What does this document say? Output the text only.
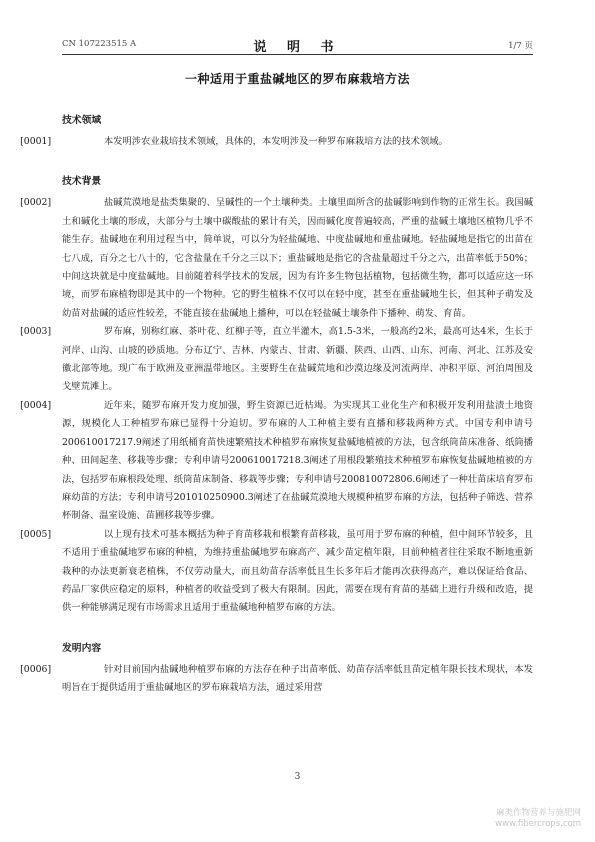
CN 107223515 A	说 明 书	1/7 页
一种适用于重盐碱地区的罗布麻栽培方法
技术领域

[0001]	本发明涉农业栽培技术领域，具体的，本发明涉及一种罗布麻栽培方法的技术领域。

技术背景

[0002]	盐碱荒漠地是盐类集聚的、呈碱性的一个土壤种类。土壤里面所含的盐碱影响到作物的正常生长。我国碱土和碱化土壤的形成，大部分与土壤中碳酸盐的累计有关，因而碱化度普遍较高，严重的盐碱土壤地区植物几乎不能生存。盐碱地在利用过程当中，简单说，可以分为轻盐碱地、中度盐碱地和重盐碱地。轻盐碱地是指它的出苗在七八成，百分之七八十的，它含盐量在千分之三以下；重盐碱地是指它的含盐量超过千分之六，出苗率低于50%；中间这块就是中度盐碱地。目前随着科学技术的发展，因为有许多生物包括植物，包括微生物，都可以适应这一环境，而罗布麻植物即是其中的一个物种。它的野生植株不仅可以在轻中度，甚至在重盐碱地生长，但其种子萌发及幼苗对盐碱的适应性较差，不能直接在盐碱地上播种，可以在轻盐碱土壤条件下播种、萌发、育苗。

[0003]	罗布麻，别称红麻、茶叶花、红柳子等，直立半灌木，高1.5-3米，一般高约2米，最高可达4米，生长于河岸、山沟、山坡的砂质地。分布辽宁、吉林、内蒙古、甘肃、新疆、陕西、山西、山东、河南、河北、江苏及安徽北部等地。现广布于欧洲及亚洲温带地区。主要野生在盐碱荒地和沙漠边缘及河流两岸、冲积平原、河泊周围及戈壁荒滩上。

[0004]	近年来，随罗布麻开发力度加强，野生资源已近枯竭。为实现其工业化生产和积极开发利用盐渍土地资源，规模化人工种植罗布麻已显得十分迫切。罗布麻的人工种植主要有直播和移栽两种方式。中国专利申请号200610017217.9阐述了用纸桶育苗快速繁殖技术种植罗布麻恢复盐碱地植被的方法，包含纸筒苗床准备、纸筒播种、田间起垄、移栽等步骤；专利申请号200610017218.3阐述了用根段繁殖技术种植罗布麻恢复盐碱地植被的方法，包括罗布麻根段处理、纸筒苗床制备、移栽等步骤；专利申请号200810072806.6阐述了一种壮苗床培育罗布麻幼苗的方法；专利申请号201010250900.3阐述了在盐碱荒漠地大规模种植罗布麻的方法，包括种子筛选、营养杯制备、温室设施、苗圃移栽等步骤。

[0005]	以上现有技术可基本概括为种子育苗移栽和根繁育苗移栽，虽可用于罗布麻的种植，但中间环节较多，且不适用于重盐碱地罗布麻的种植，为维持重盐碱地罗布麻高产、减少苗定植年限，目前种植者往往采取不断地重新栽种的办法更新衰老植株，不仅劳动量大，而且幼苗存活率低且生长多年后才能再次获得高产，难以保证给食品、药品厂家供应稳定的原料，种植者的收益受到了极大有限制。因此，需要在现有育苗的基础上进行升级和改造，提供一种能够满足现有市场需求且适用于重盐碱地种植罗布麻的方法。

发明内容

[0006]	针对目前国内盐碱地种植罗布麻的方法存在种子出苗率低、幼苗存活率低且苗定植年限长技术现状，本发明旨在于提供适用于重盐碱地区的罗布麻栽培方法，通过采用营

3
麻类作物营养与施肥网
www.fibercrops.com
